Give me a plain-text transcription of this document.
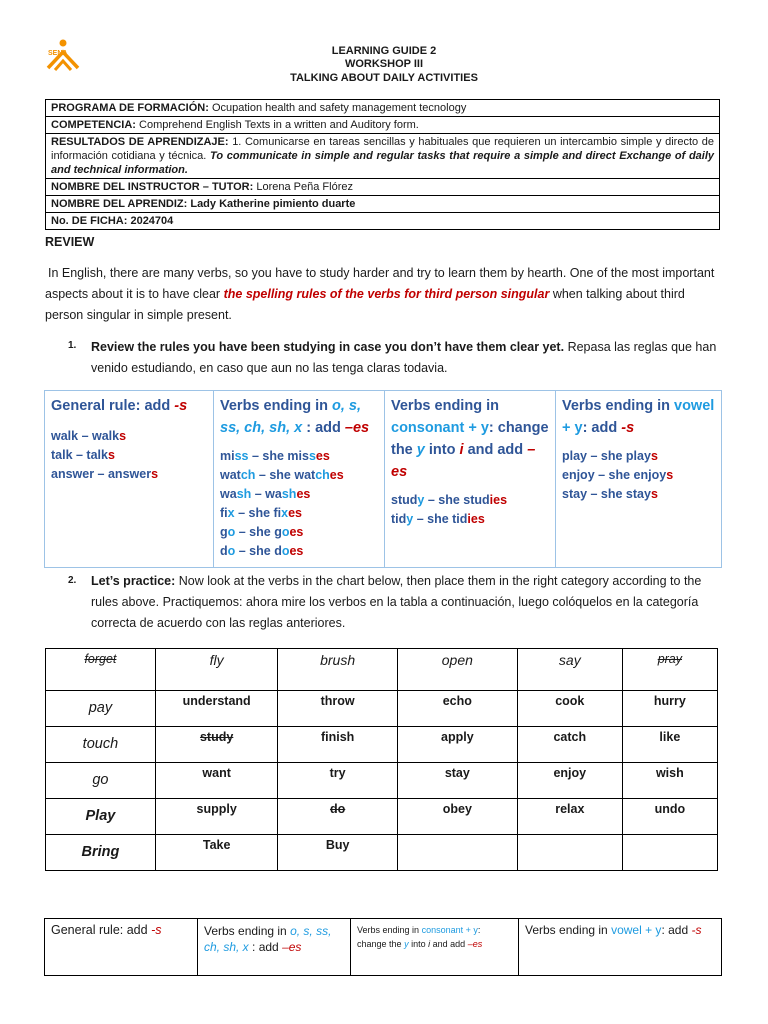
SENA	LEARNING GUIDE 2
WORKSHOP III
TALKING ABOUT DAILY ACTIVITIES
PROGRAMA DE FORMACIÓN: Ocupation health and safety management tecnology
COMPETENCIA: Comprehend English Texts in a written and Auditory form.
RESULTADOS DE APRENDIZAJE: 1. Comunicarse en tareas sencillas y habituales que requieren un intercambio simple y directo de información cotidiana y técnica. To communicate in simple and regular tasks that require a simple and direct Exchange of daily and technical information.
NOMBRE DEL INSTRUCTOR – TUTOR: Lorena Peña Flórez
NOMBRE DEL APRENDIZ: Lady Katherine pimiento duarte
No. DE FICHA: 2024704
REVIEW
In English, there are many verbs, so you have to study harder and try to learn them by hearth. One of the most important aspects about it is to have clear the spelling rules of the verbs for third person singular when talking about third person singular in simple present.
1. Review the rules you have been studying in case you don’t have them clear yet. Repasa las reglas que han venido estudiando, en caso que aun no las tenga claras todavia.
General rule: add -s
walk – walks
talk – talks
answer – answers

Verbs ending in o, s, ss, ch, sh, x : add –es
miss – she misses
watch – she watches
wash – washes
fix – she fixes
go – she goes
do – she does

Verbs ending in consonant + y: change the y into i and add –es
study – she studies
tidy – she tidies

Verbs ending in vowel + y: add -s
play – she plays
enjoy – she enjoys
stay – she stays
2. Let’s practice: Now look at the verbs in the chart below, then place them in the right category according to the rules above. Practiquemos: ahora mire los verbos en la tabla a continuación, luego colóquelos en la categoría correcta de acuerdo con las reglas anteriores.
forget	fly	brush	open	say	pray
pay	understand	throw	echo	cook	hurry
touch	study	finish	apply	catch	like
go	want	try	stay	enjoy	wish
Play	supply	do	obey	relax	undo
Bring	Take	Buy			
General rule: add -s	Verbs ending in o, s, ss, ch, sh, x : add –es	Verbs ending in consonant + y: change the y into i and add –es	Verbs ending in vowel + y: add -s
